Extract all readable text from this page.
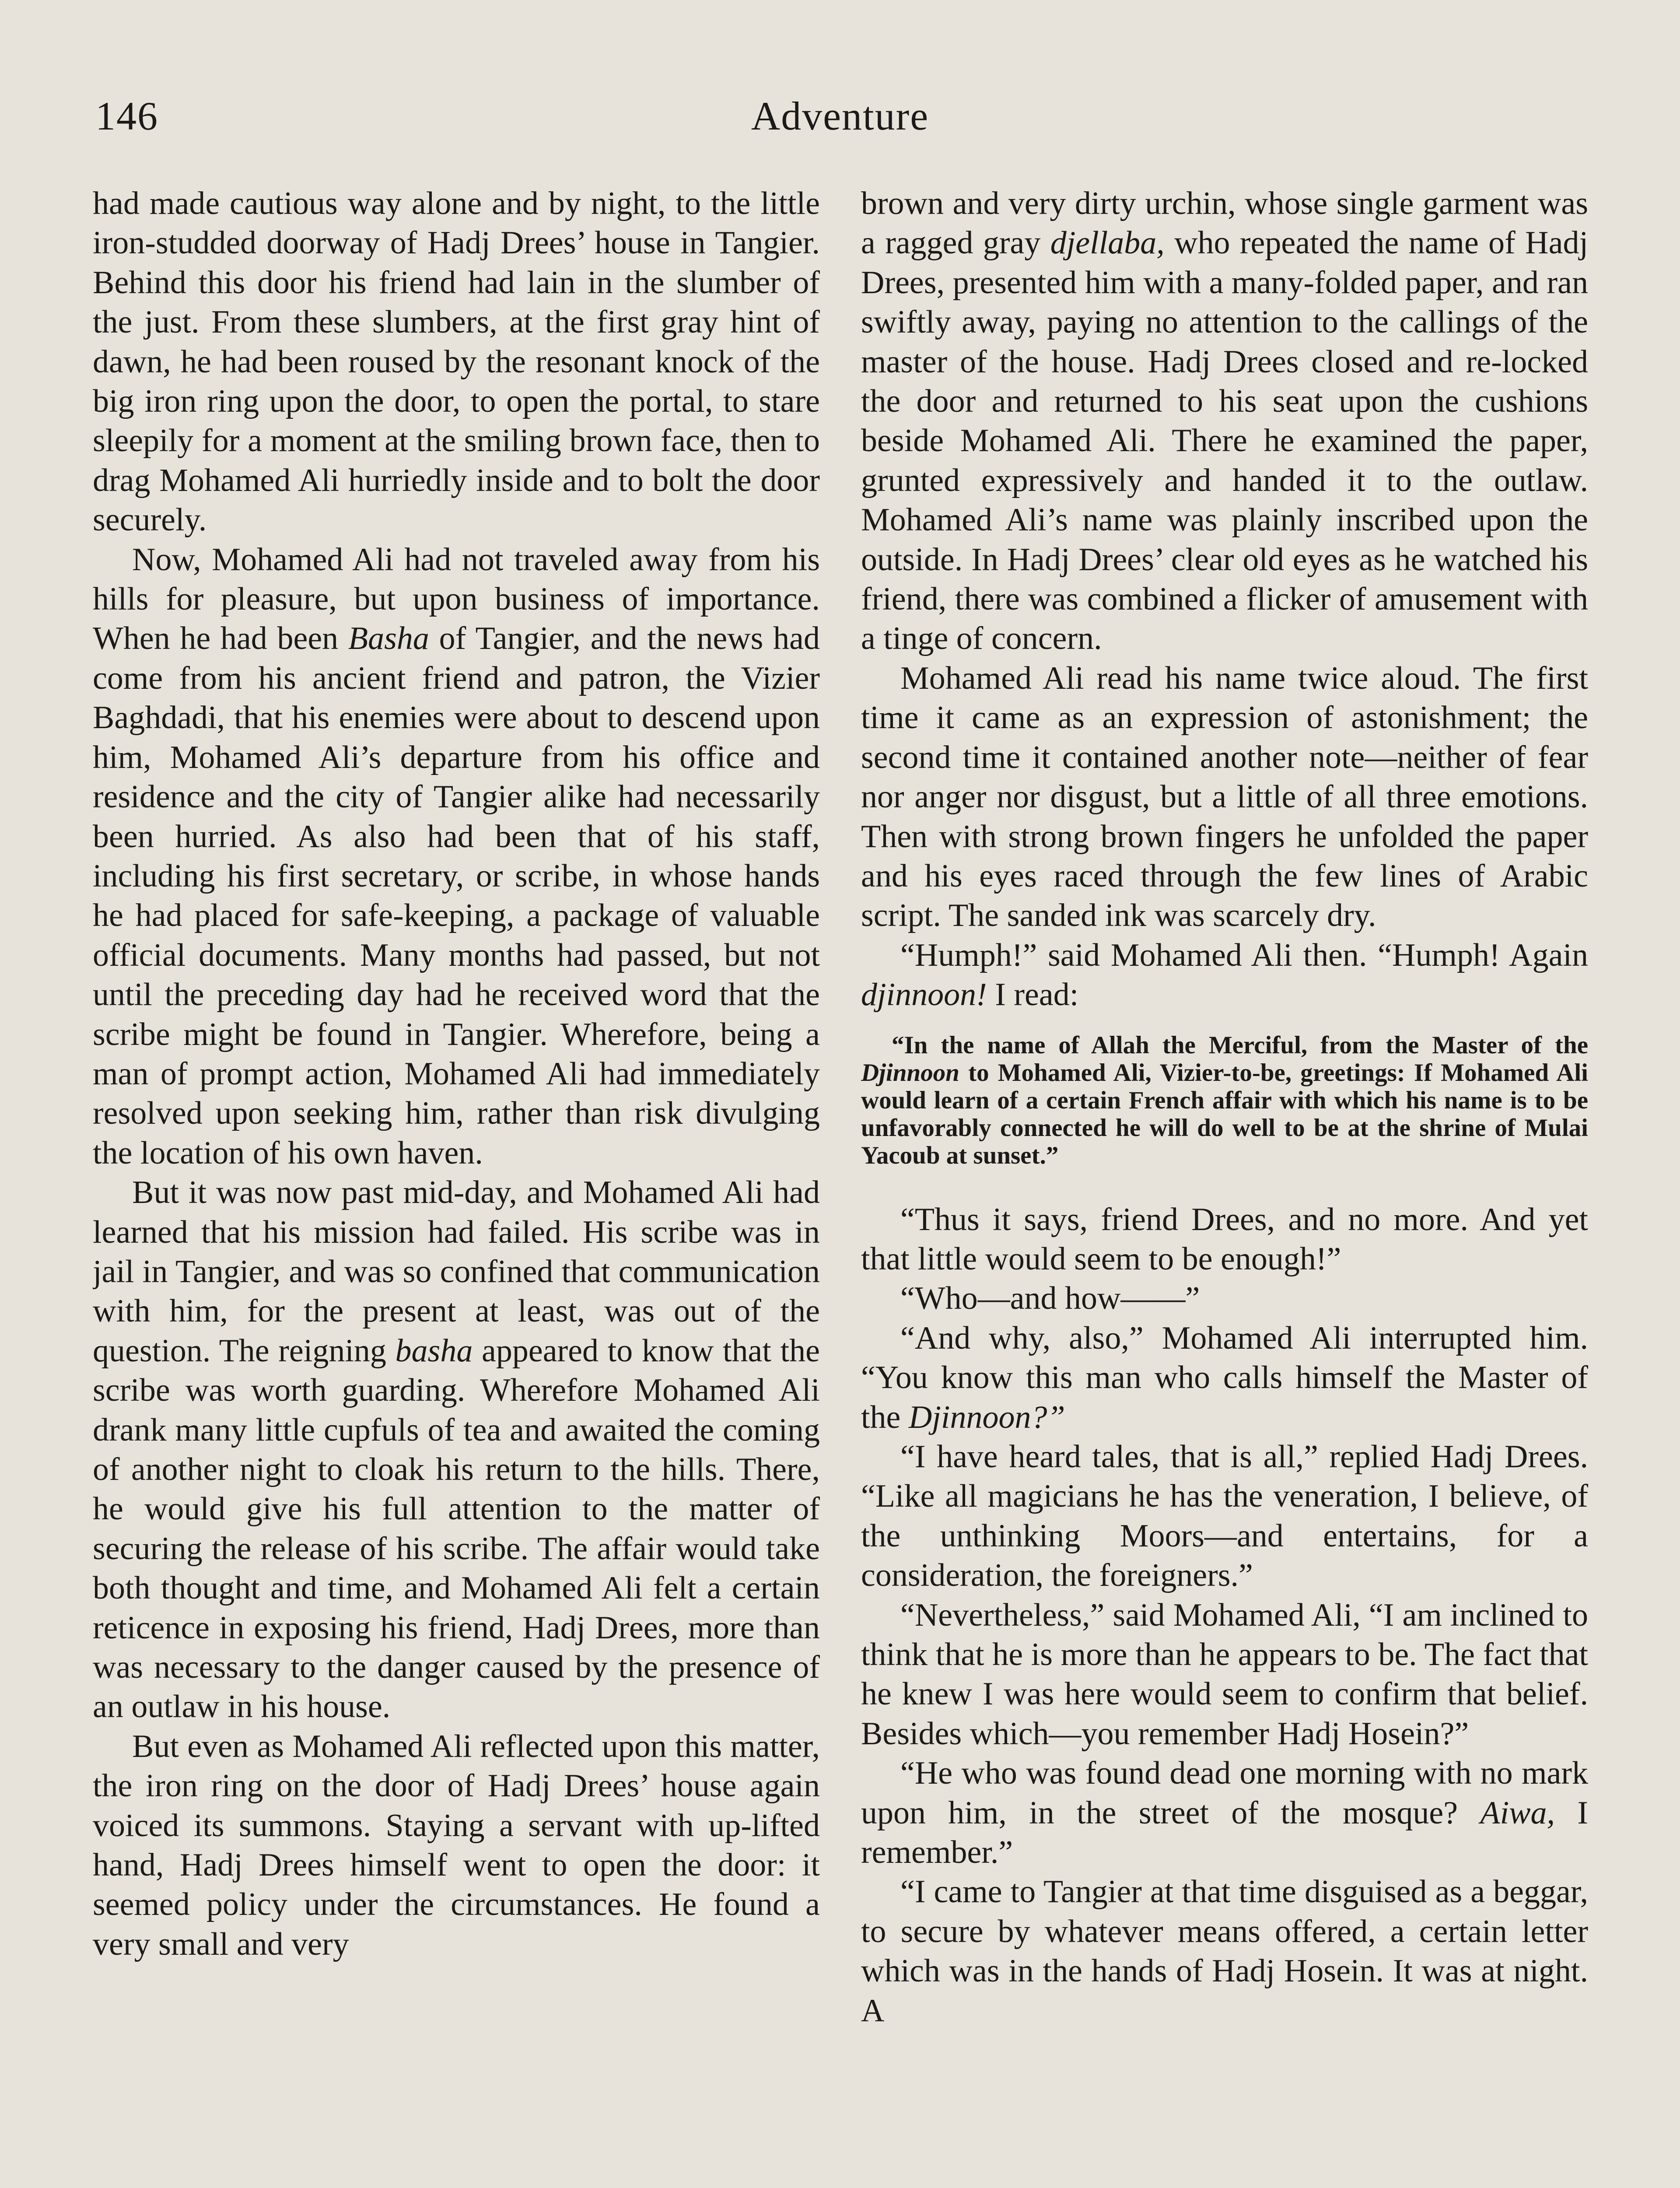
146	Adventure

had made cautious way alone and by night, to the little iron-studded doorway of Hadj Drees’ house in Tangier. Behind this door his friend had lain in the slumber of the just. From these slumbers, at the first gray hint of dawn, he had been roused by the resonant knock of the big iron ring upon the door, to open the portal, to stare sleepily for a moment at the smiling brown face, then to drag Mohamed Ali hurriedly inside and to bolt the door securely.

Now, Mohamed Ali had not traveled away from his hills for pleasure, but upon business of importance. When he had been Basha of Tangier, and the news had come from his ancient friend and patron, the Vizier Baghdadi, that his enemies were about to descend upon him, Mohamed Ali’s departure from his office and residence and the city of Tangier alike had necessarily been hurried. As also had been that of his staff, including his first secretary, or scribe, in whose hands he had placed for safe-keeping, a package of valuable official documents. Many months had passed, but not until the preceding day had he received word that the scribe might be found in Tangier. Wherefore, being a man of prompt action, Mohamed Ali had immediately resolved upon seeking him, rather than risk divulging the location of his own haven.

But it was now past mid-day, and Mohamed Ali had learned that his mission had failed. His scribe was in jail in Tangier, and was so confined that communication with him, for the present at least, was out of the question. The reigning basha appeared to know that the scribe was worth guarding. Wherefore Mohamed Ali drank many little cupfuls of tea and awaited the coming of another night to cloak his return to the hills. There, he would give his full attention to the matter of securing the release of his scribe. The affair would take both thought and time, and Mohamed Ali felt a certain reticence in exposing his friend, Hadj Drees, more than was necessary to the danger caused by the presence of an outlaw in his house.

But even as Mohamed Ali reflected upon this matter, the iron ring on the door of Hadj Drees’ house again voiced its summons. Staying a servant with up-lifted hand, Hadj Drees himself went to open the door: it seemed policy under the circumstances. He found a very small and very

brown and very dirty urchin, whose single garment was a ragged gray djellaba, who repeated the name of Hadj Drees, presented him with a many-folded paper, and ran swiftly away, paying no attention to the callings of the master of the house. Hadj Drees closed and re-locked the door and returned to his seat upon the cushions beside Mohamed Ali. There he examined the paper, grunted expressively and handed it to the outlaw. Mohamed Ali’s name was plainly inscribed upon the outside. In Hadj Drees’ clear old eyes as he watched his friend, there was combined a flicker of amusement with a tinge of concern.

Mohamed Ali read his name twice aloud. The first time it came as an expression of astonishment; the second time it contained another note—neither of fear nor anger nor disgust, but a little of all three emotions. Then with strong brown fingers he unfolded the paper and his eyes raced through the few lines of Arabic script. The sanded ink was scarcely dry.

“Humph!” said Mohamed Ali then. “Humph! Again djinnoon! I read:

“In the name of Allah the Merciful, from the Master of the Djinnoon to Mohamed Ali, Vizier-to-be, greetings: If Mohamed Ali would learn of a certain French affair with which his name is to be unfavorably connected he will do well to be at the shrine of Mulai Yacoub at sunset.”

“Thus it says, friend Drees, and no more. And yet that little would seem to be enough!”

“Who—and how——”

“And why, also,” Mohamed Ali interrupted him. “You know this man who calls himself the Master of the Djinnoon?”

“I have heard tales, that is all,” replied Hadj Drees. “Like all magicians he has the veneration, I believe, of the unthinking Moors—and entertains, for a consideration, the foreigners.”

“Nevertheless,” said Mohamed Ali, “I am inclined to think that he is more than he appears to be. The fact that he knew I was here would seem to confirm that belief. Besides which—you remember Hadj Hosein?”

“He who was found dead one morning with no mark upon him, in the street of the mosque? Aiwa, I remember.”

“I came to Tangier at that time disguised as a beggar, to secure by whatever means offered, a certain letter which was in the hands of Hadj Hosein. It was at night. A
